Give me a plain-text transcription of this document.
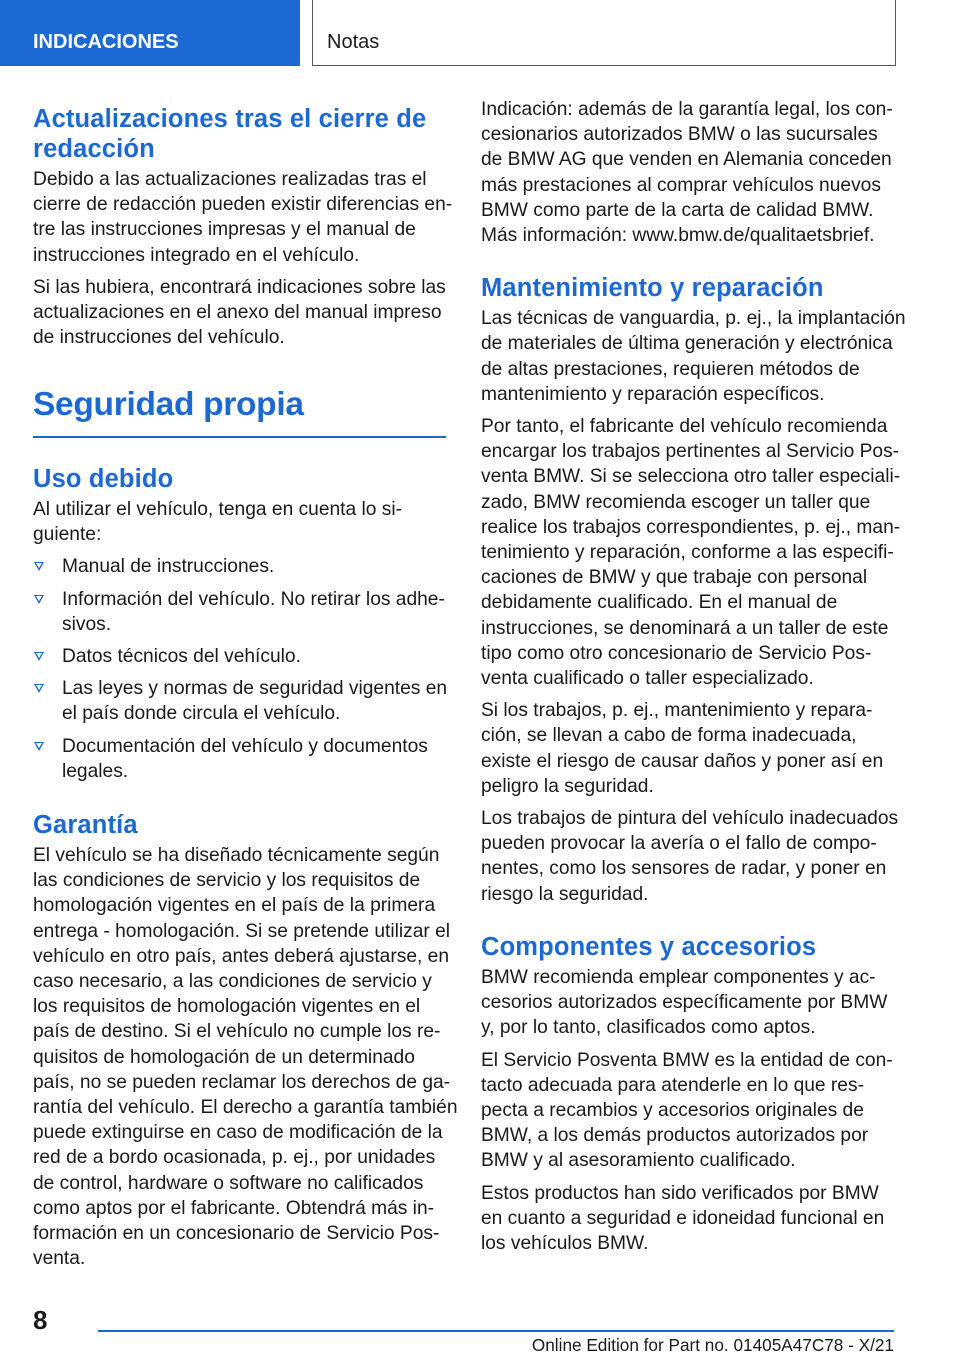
INDICACIONES	Notas
Actualizaciones tras el cierre de redacción

Debido a las actualizaciones realizadas tras el
cierre de redacción pueden existir diferencias en-
tre las instrucciones impresas y el manual de
instrucciones integrado en el vehículo.

Si las hubiera, encontrará indicaciones sobre las
actualizaciones en el anexo del manual impreso
de instrucciones del vehículo.

Seguridad propia
Uso debido

Al utilizar el vehículo, tenga en cuenta lo si-
guiente:

Manual de instrucciones.
Información del vehículo. No retirar los adhe-
sivos.
Datos técnicos del vehículo.
Las leyes y normas de seguridad vigentes en
el país donde circula el vehículo.
Documentación del vehículo y documentos
legales.
Garantía

El vehículo se ha diseñado técnicamente según
las condiciones de servicio y los requisitos de
homologación vigentes en el país de la primera
entrega - homologación. Si se pretende utilizar el
vehículo en otro país, antes deberá ajustarse, en
caso necesario, a las condiciones de servicio y
los requisitos de homologación vigentes en el
país de destino. Si el vehículo no cumple los re-
quisitos de homologación de un determinado
país, no se pueden reclamar los derechos de ga-
rantía del vehículo. El derecho a garantía también
puede extinguirse en caso de modificación de la
red de a bordo ocasionada, p. ej., por unidades
de control, hardware o software no calificados
como aptos por el fabricante. Obtendrá más in-
formación en un concesionario de Servicio Pos-
venta.

Indicación: además de la garantía legal, los con-
cesionarios autorizados BMW o las sucursales
de BMW AG que venden en Alemania conceden
más prestaciones al comprar vehículos nuevos
BMW como parte de la carta de calidad BMW.
Más información: www.bmw.de/qualitaetsbrief.

Mantenimiento y reparación

Las técnicas de vanguardia, p. ej., la implantación
de materiales de última generación y electrónica
de altas prestaciones, requieren métodos de
mantenimiento y reparación específicos.

Por tanto, el fabricante del vehículo recomienda
encargar los trabajos pertinentes al Servicio Pos-
venta BMW. Si se selecciona otro taller especiali-
zado, BMW recomienda escoger un taller que
realice los trabajos correspondientes, p. ej., man-
tenimiento y reparación, conforme a las especifi-
caciones de BMW y que trabaje con personal
debidamente cualificado. En el manual de
instrucciones, se denominará a un taller de este
tipo como otro concesionario de Servicio Pos-
venta cualificado o taller especializado.

Si los trabajos, p. ej., mantenimiento y repara-
ción, se llevan a cabo de forma inadecuada,
existe el riesgo de causar daños y poner así en
peligro la seguridad.

Los trabajos de pintura del vehículo inadecuados
pueden provocar la avería o el fallo de compo-
nentes, como los sensores de radar, y poner en
riesgo la seguridad.

Componentes y accesorios

BMW recomienda emplear componentes y ac-
cesorios autorizados específicamente por BMW
y, por lo tanto, clasificados como aptos.

El Servicio Posventa BMW es la entidad de con-
tacto adecuada para atenderle en lo que res-
pecta a recambios y accesorios originales de
BMW, a los demás productos autorizados por
BMW y al asesoramiento cualificado.

Estos productos han sido verificados por BMW
en cuanto a seguridad e idoneidad funcional en
los vehículos BMW.

8
Online Edition for Part no. 01405A47C78 - X/21
